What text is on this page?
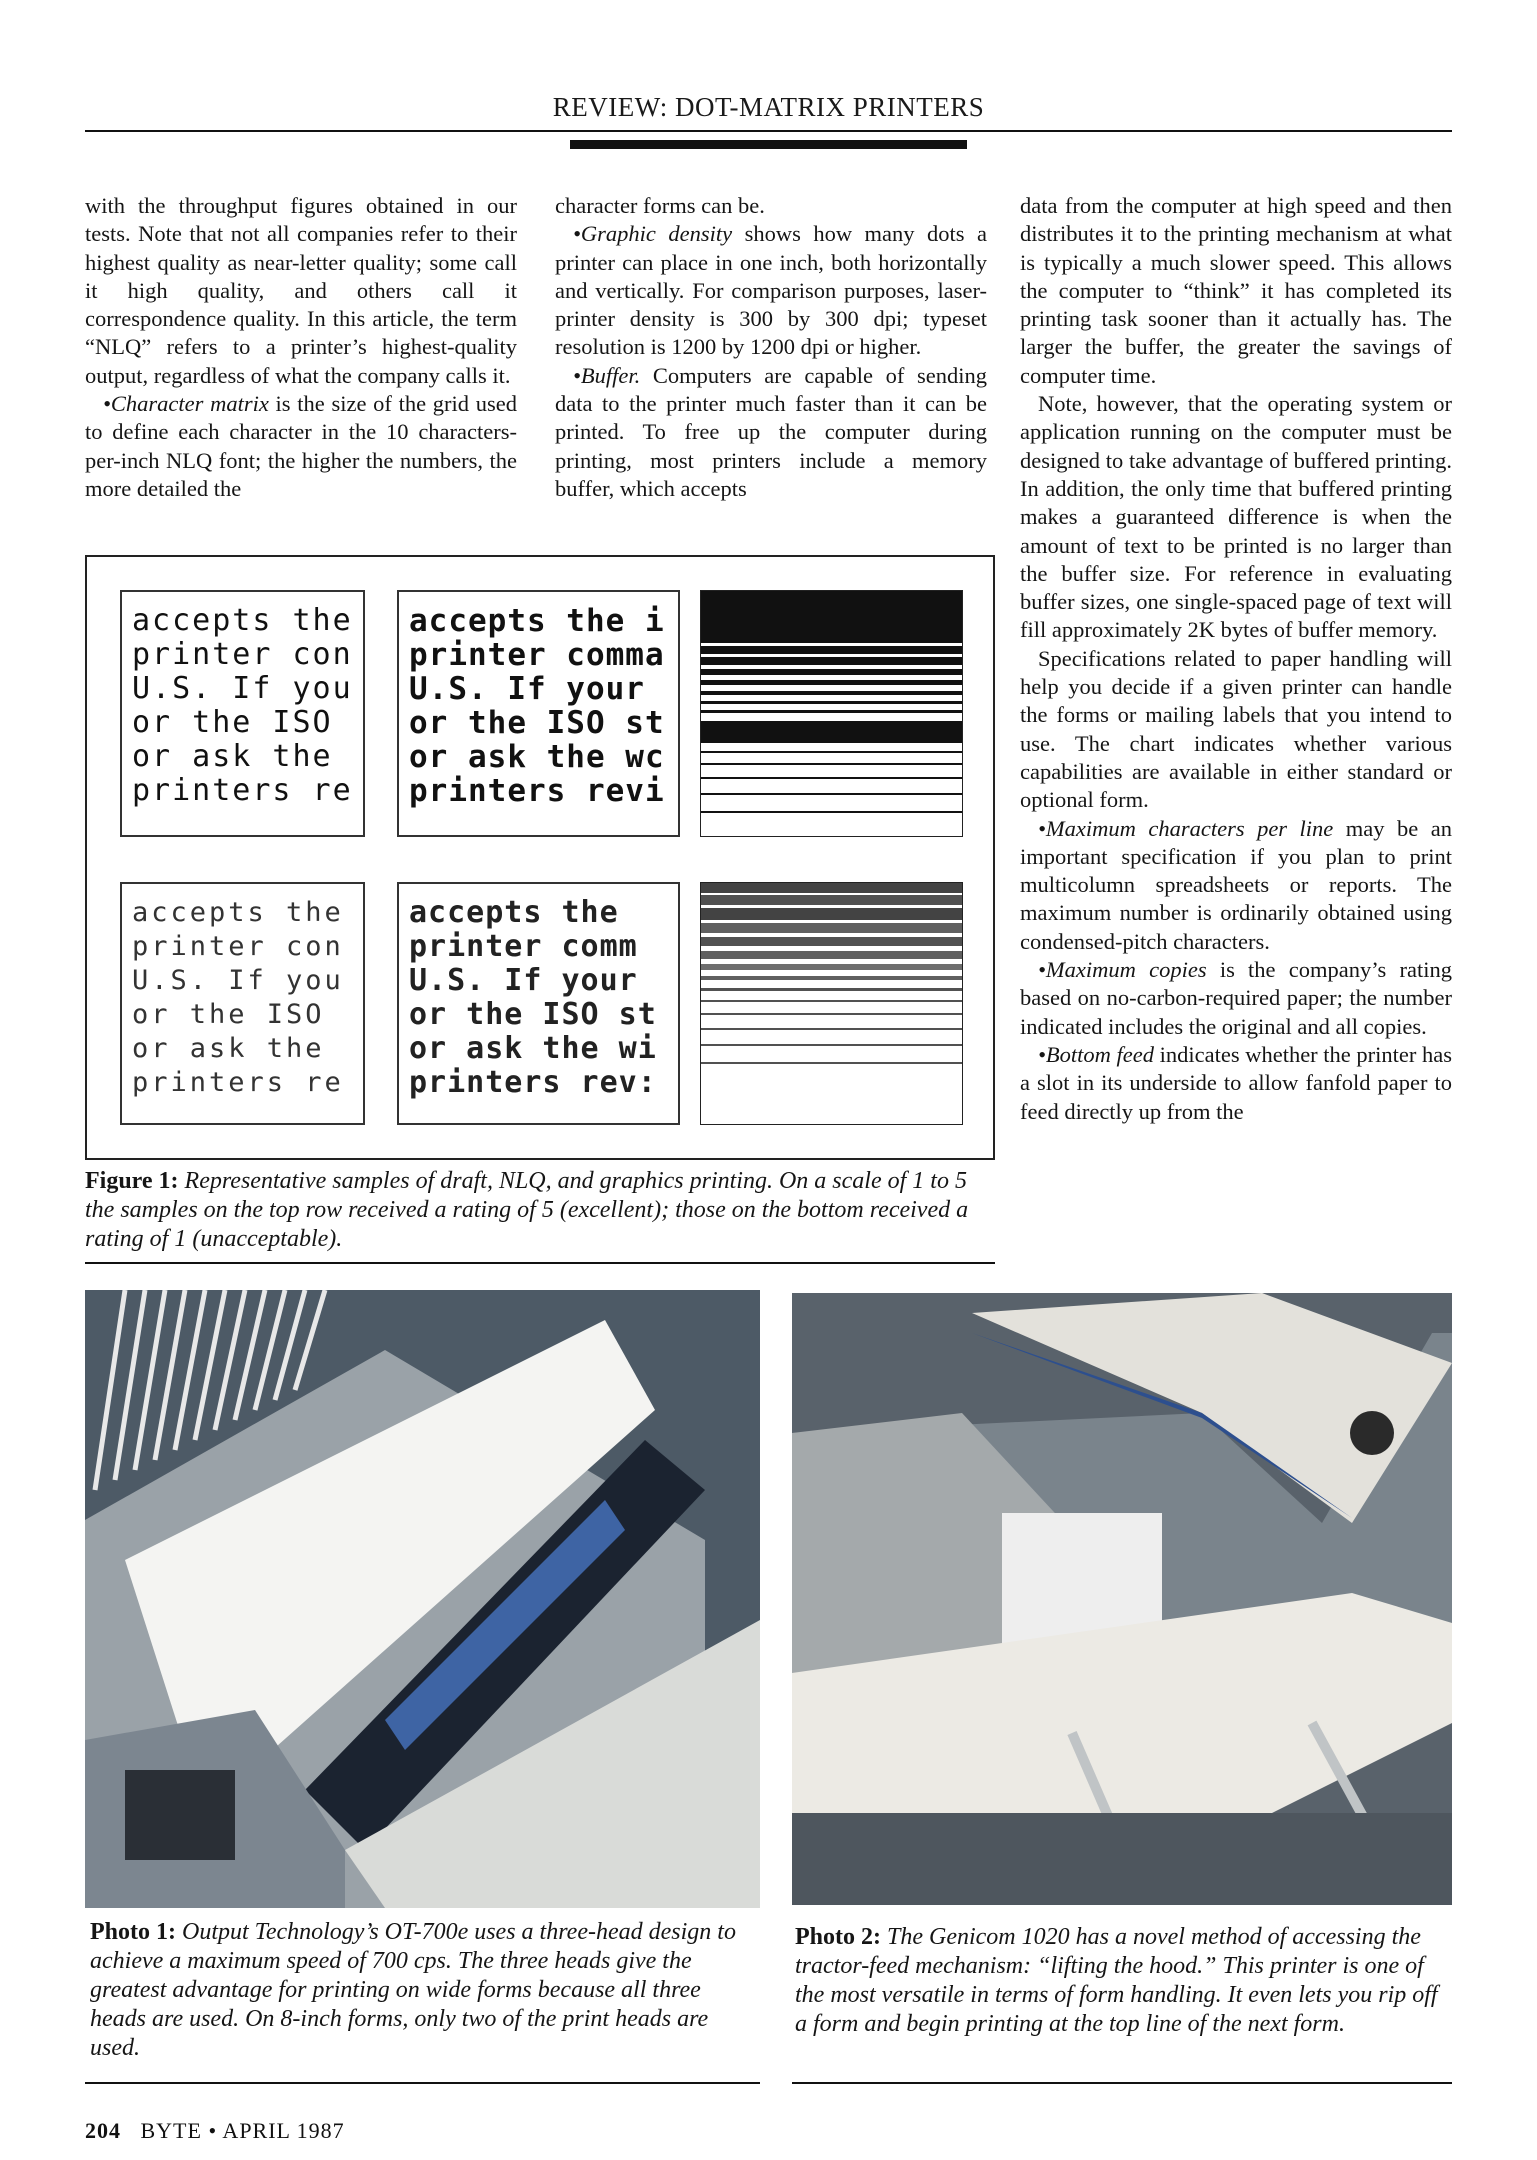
REVIEW: DOT-MATRIX PRINTERS

with the throughput figures obtained in our tests. Note that not all companies refer to their highest quality as near-letter quality; some call it high quality, and others call it correspondence quality. In this article, the term “NLQ” refers to a printer’s highest-quality output, regardless of what the company calls it.

•Character matrix is the size of the grid used to define each character in the 10 characters-per-inch NLQ font; the higher the numbers, the more detailed the

character forms can be.

•Graphic density shows how many dots a printer can place in one inch, both horizontally and vertically. For comparison purposes, laser-printer density is 300 by 300 dpi; typeset resolution is 1200 by 1200 dpi or higher.

•Buffer. Computers are capable of sending data to the printer much faster than it can be printed. To free up the computer during printing, most printers include a memory buffer, which accepts

data from the computer at high speed and then distributes it to the printing mechanism at what is typically a much slower speed. This allows the computer to “think” it has completed its printing task sooner than it actually has. The larger the buffer, the greater the savings of computer time.

Note, however, that the operating system or application running on the computer must be designed to take advantage of buffered printing. In addition, the only time that buffered printing makes a guaranteed difference is when the amount of text to be printed is no larger than the buffer size. For reference in evaluating buffer sizes, one single-spaced page of text will fill approximately 2K bytes of buffer memory.

Specifications related to paper handling will help you decide if a given printer can handle the forms or mailing labels that you intend to use. The chart indicates whether various capabilities are available in either standard or optional form.

•Maximum characters per line may be an important specification if you plan to print multicolumn spreadsheets or reports. The maximum number is ordinarily obtained using condensed-pitch characters.

•Maximum copies is the company’s rating based on no-carbon-required paper; the number indicated includes the original and all copies.

•Bottom feed indicates whether the printer has a slot in its underside to allow fanfold paper to feed directly up from the

accepts the
printer con
U.S. If you
or the ISO
or ask the
printers re
accepts the i
printer comma
U.S. If your
or the ISO st
or ask the wc
printers revi
accepts the
printer con
U.S. If you
or the ISO
or ask the
printers re
accepts the
printer comm
U.S. If your
or the ISO st
or ask the wi
printers rev:
Figure 1: Representative samples of draft, NLQ, and graphics printing. On a scale of 1 to 5 the samples on the top row received a rating of 5 (excellent); those on the bottom received a rating of 1 (unacceptable).
Photo 1: Output Technology’s OT-700e uses a three-head design to achieve a maximum speed of 700 cps. The three heads give the greatest advantage for printing on wide forms because all three heads are used. On 8-inch forms, only two of the print heads are used.
Photo 2: The Genicom 1020 has a novel method of accessing the tractor-feed mechanism: “lifting the hood.” This printer is one of the most versatile in terms of form handling. It even lets you rip off a form and begin printing at the top line of the next form.
204 BYTE • APRIL 1987
